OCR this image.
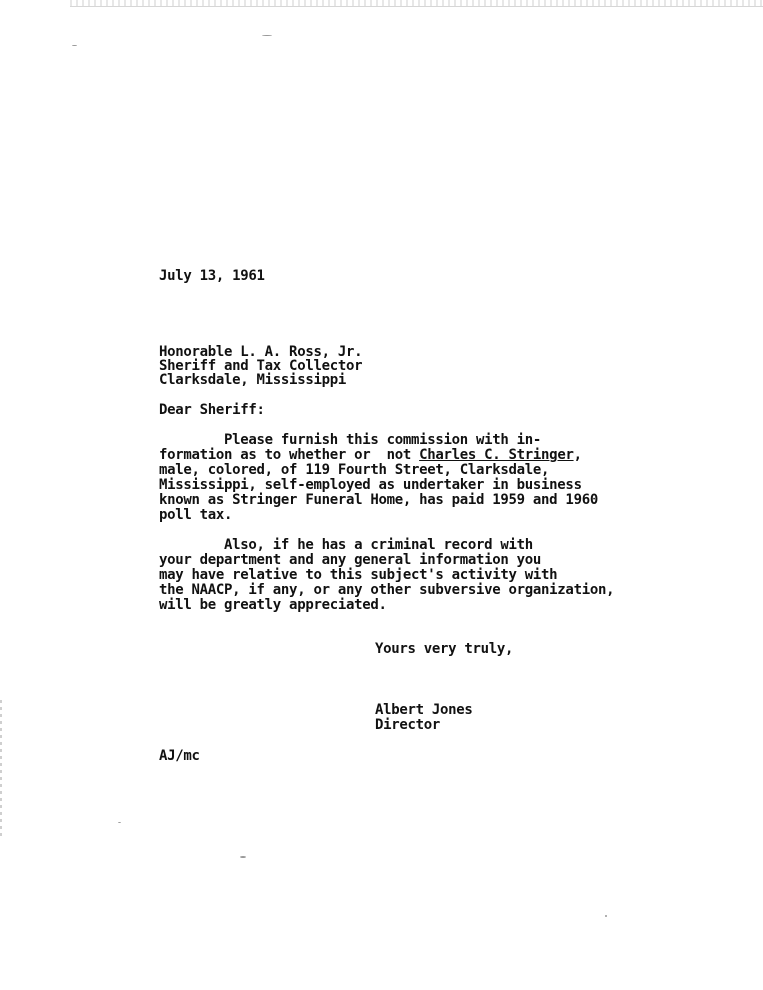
July 13, 1961
Honorable L. A. Ross, Jr.
Sheriff and Tax Collector
Clarksdale, Mississippi
Dear Sheriff:
Please furnish this commission with in-
formation as to whether or  not Charles C. Stringer,
male, colored, of 119 Fourth Street, Clarksdale,
Mississippi, self-employed as undertaker in business
known as Stringer Funeral Home, has paid 1959 and 1960
poll tax.
Also, if he has a criminal record with
your department and any general information you
may have relative to this subject's activity with
the NAACP, if any, or any other subversive organization,
will be greatly appreciated.
Yours very truly,
Albert Jones
Director
AJ/mc
